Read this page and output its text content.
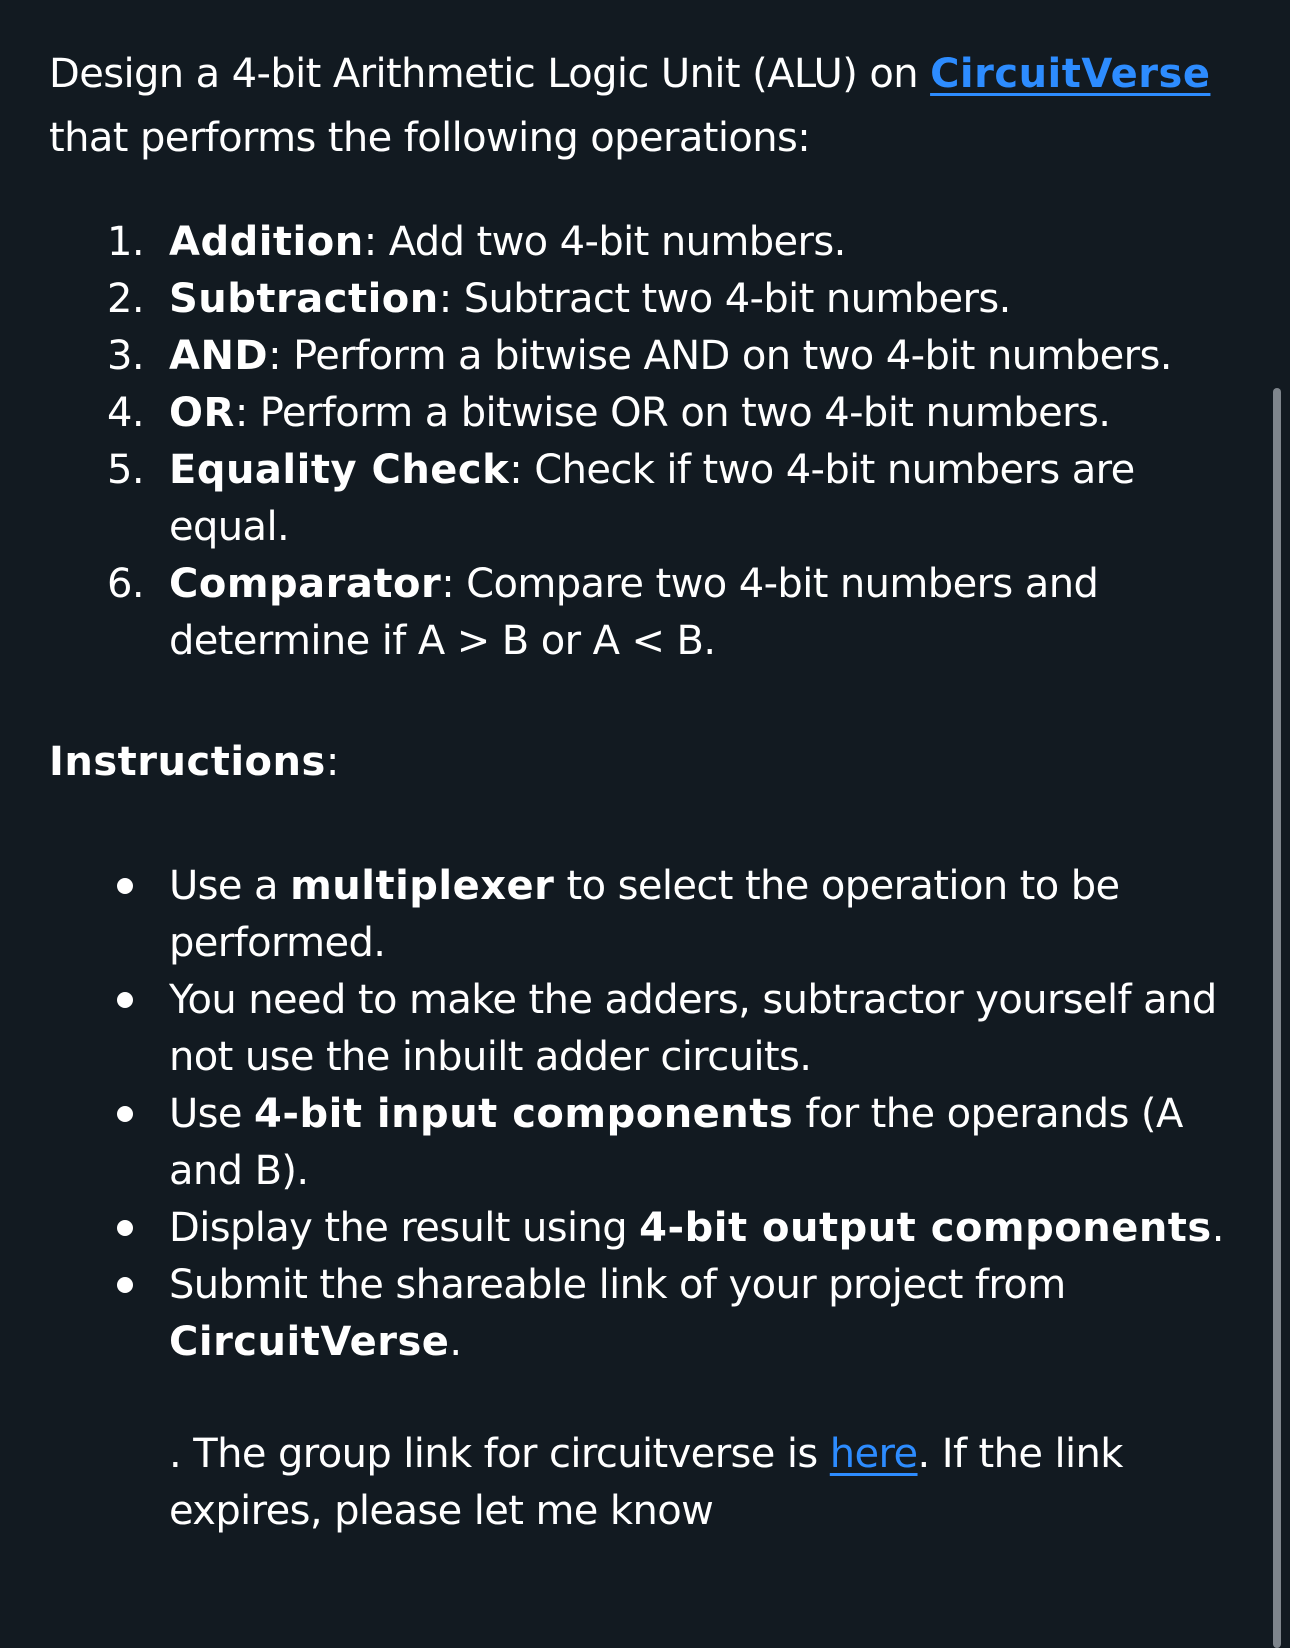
Design a 4-bit Arithmetic Logic Unit (ALU) on CircuitVerse that performs the following operations:

1. Addition: Add two 4-bit numbers.
2. Subtraction: Subtract two 4-bit numbers.
3. AND: Perform a bitwise AND on two 4-bit numbers.
4. OR: Perform a bitwise OR on two 4-bit numbers.
5. Equality Check: Check if two 4-bit numbers are equal.
6. Comparator: Compare two 4-bit numbers and determine if A > B or A < B.

Instructions:

Use a multiplexer to select the operation to be performed.
You need to make the adders, subtractor yourself and not use the inbuilt adder circuits.
Use 4-bit input components for the operands (A and B).
Display the result using 4-bit output components.
Submit the shareable link of your project from CircuitVerse.

. The group link for circuitverse is here. If the link expires, please let me know
